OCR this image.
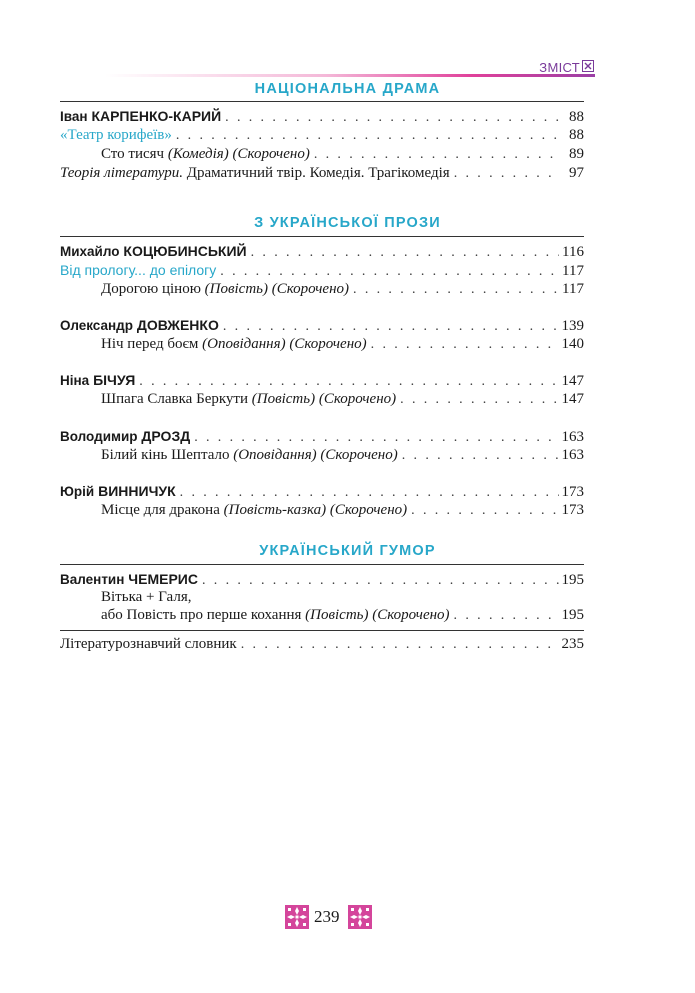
ЗМІСТ
НАЦІОНАЛЬНА ДРАМА
Іван КАРПЕНКО-КАРИЙ . . .	88
«Театр корифеїв» . . .	88
Сто тисяч (Комедія) (Скорочено) . . .	89
Теорія літератури. Драматичний твір. Комедія. Трагікомедія . . .	97
З УКРАЇНСЬКОЇ ПРОЗИ
Михайло КОЦЮБИНСЬКИЙ . . .	116
Від прологу... до епілогу . . .	117
Дорогою ціною (Повість) (Скорочено) . . .	117
Олександр ДОВЖЕНКО . . .	139
Ніч перед боєм (Оповідання) (Скорочено) . . .	140
Ніна БІЧУЯ . . .	147
Шпага Славка Беркути (Повість) (Скорочено) . . .	147
Володимир ДРОЗД . . .	163
Білий кінь Шептало (Оповідання) (Скорочено) . . .	163
Юрій ВИННИЧУК . . .	173
Місце для дракона (Повість-казка) (Скорочено) . . .	173
УКРАЇНСЬКИЙ ГУМОР
Валентин ЧЕМЕРИС . . .	195
Вітька + Галя,
або Повість про перше кохання (Повість) (Скорочено) . . .	195
Літературознавчий словник . . .	235
239
